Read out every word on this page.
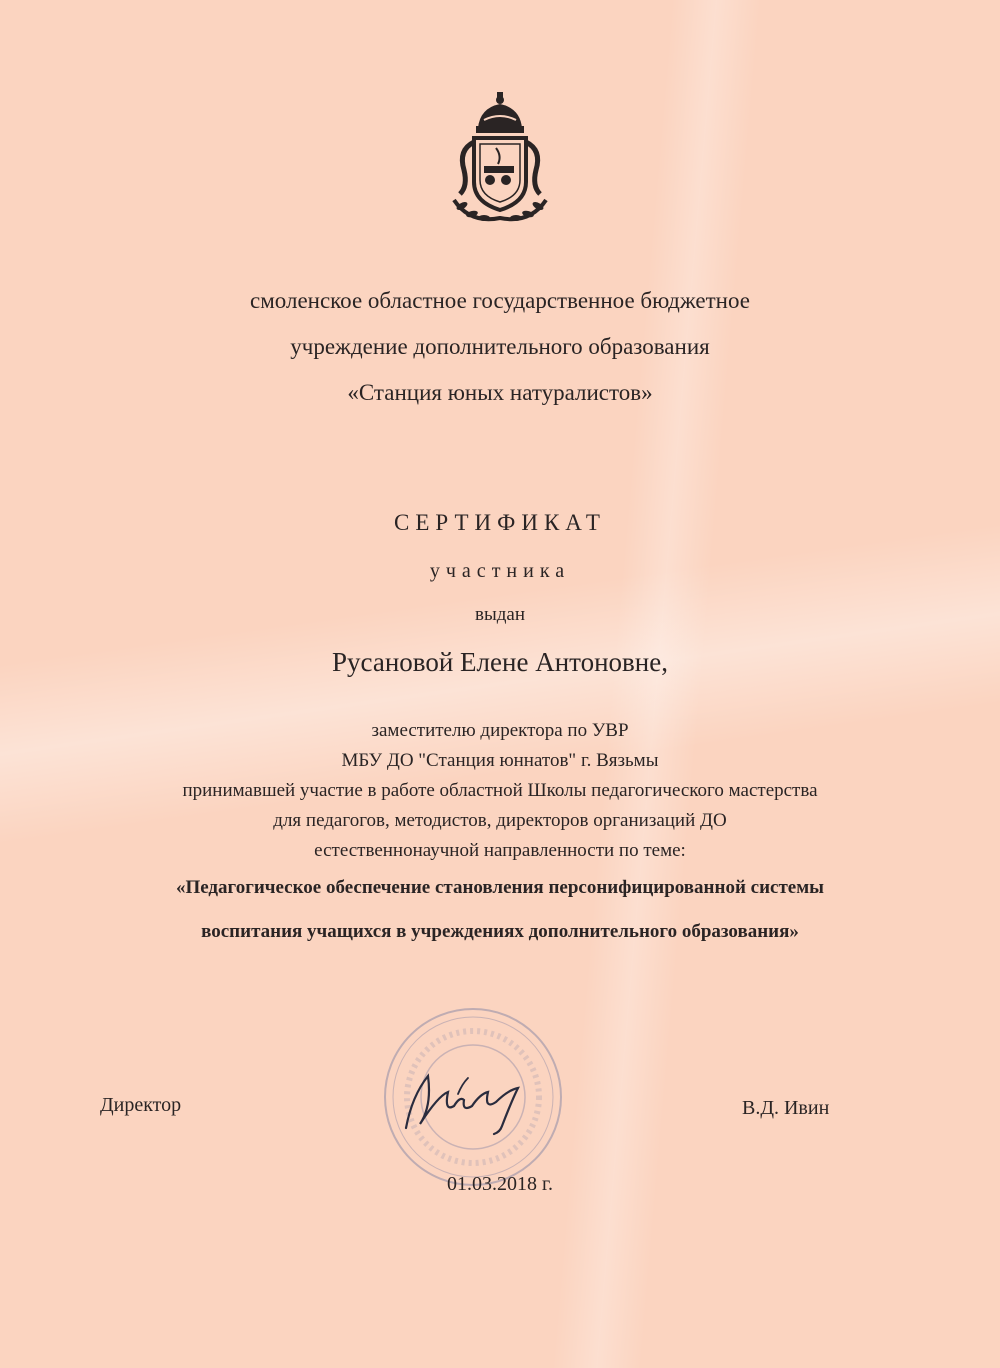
смоленское областное государственное бюджетное
учреждение дополнительного образования
«Станция юных натуралистов»
СЕРТИФИКАТ
участника
выдан
Русановой Елене Антоновне,
заместителю директора по УВР
МБУ ДО "Станция юннатов" г. Вязьмы
принимавшей участие в работе областной Школы педагогического мастерства
для педагогов, методистов, директоров организаций ДО
естественнонаучной направленности по теме:
«Педагогическое обеспечение становления персонифицированной системы
воспитания учащихся в учреждениях дополнительного образования»
Директор	В.Д. Ивин
01.03.2018 г.
